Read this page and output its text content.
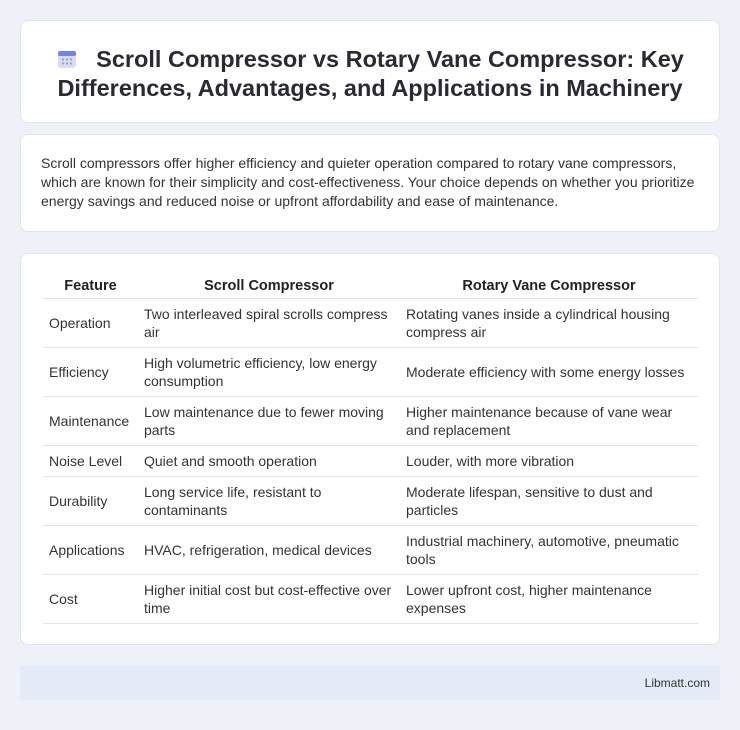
Scroll Compressor vs Rotary Vane Compressor: Key Differences, Advantages, and Applications in Machinery

Scroll compressors offer higher efficiency and quieter operation compared to rotary vane compressors, which are known for their simplicity and cost-effectiveness. Your choice depends on whether you prioritize energy savings and reduced noise or upfront affordability and ease of maintenance.

Feature	Scroll Compressor	Rotary Vane Compressor
Operation	Two interleaved spiral scrolls compress air	Rotating vanes inside a cylindrical housing compress air
Efficiency	High volumetric efficiency, low energy consumption	Moderate efficiency with some energy losses
Maintenance	Low maintenance due to fewer moving parts	Higher maintenance because of vane wear and replacement
Noise Level	Quiet and smooth operation	Louder, with more vibration
Durability	Long service life, resistant to contaminants	Moderate lifespan, sensitive to dust and particles
Applications	HVAC, refrigeration, medical devices	Industrial machinery, automotive, pneumatic tools
Cost	Higher initial cost but cost-effective over time	Lower upfront cost, higher maintenance expenses
Libmatt.com
